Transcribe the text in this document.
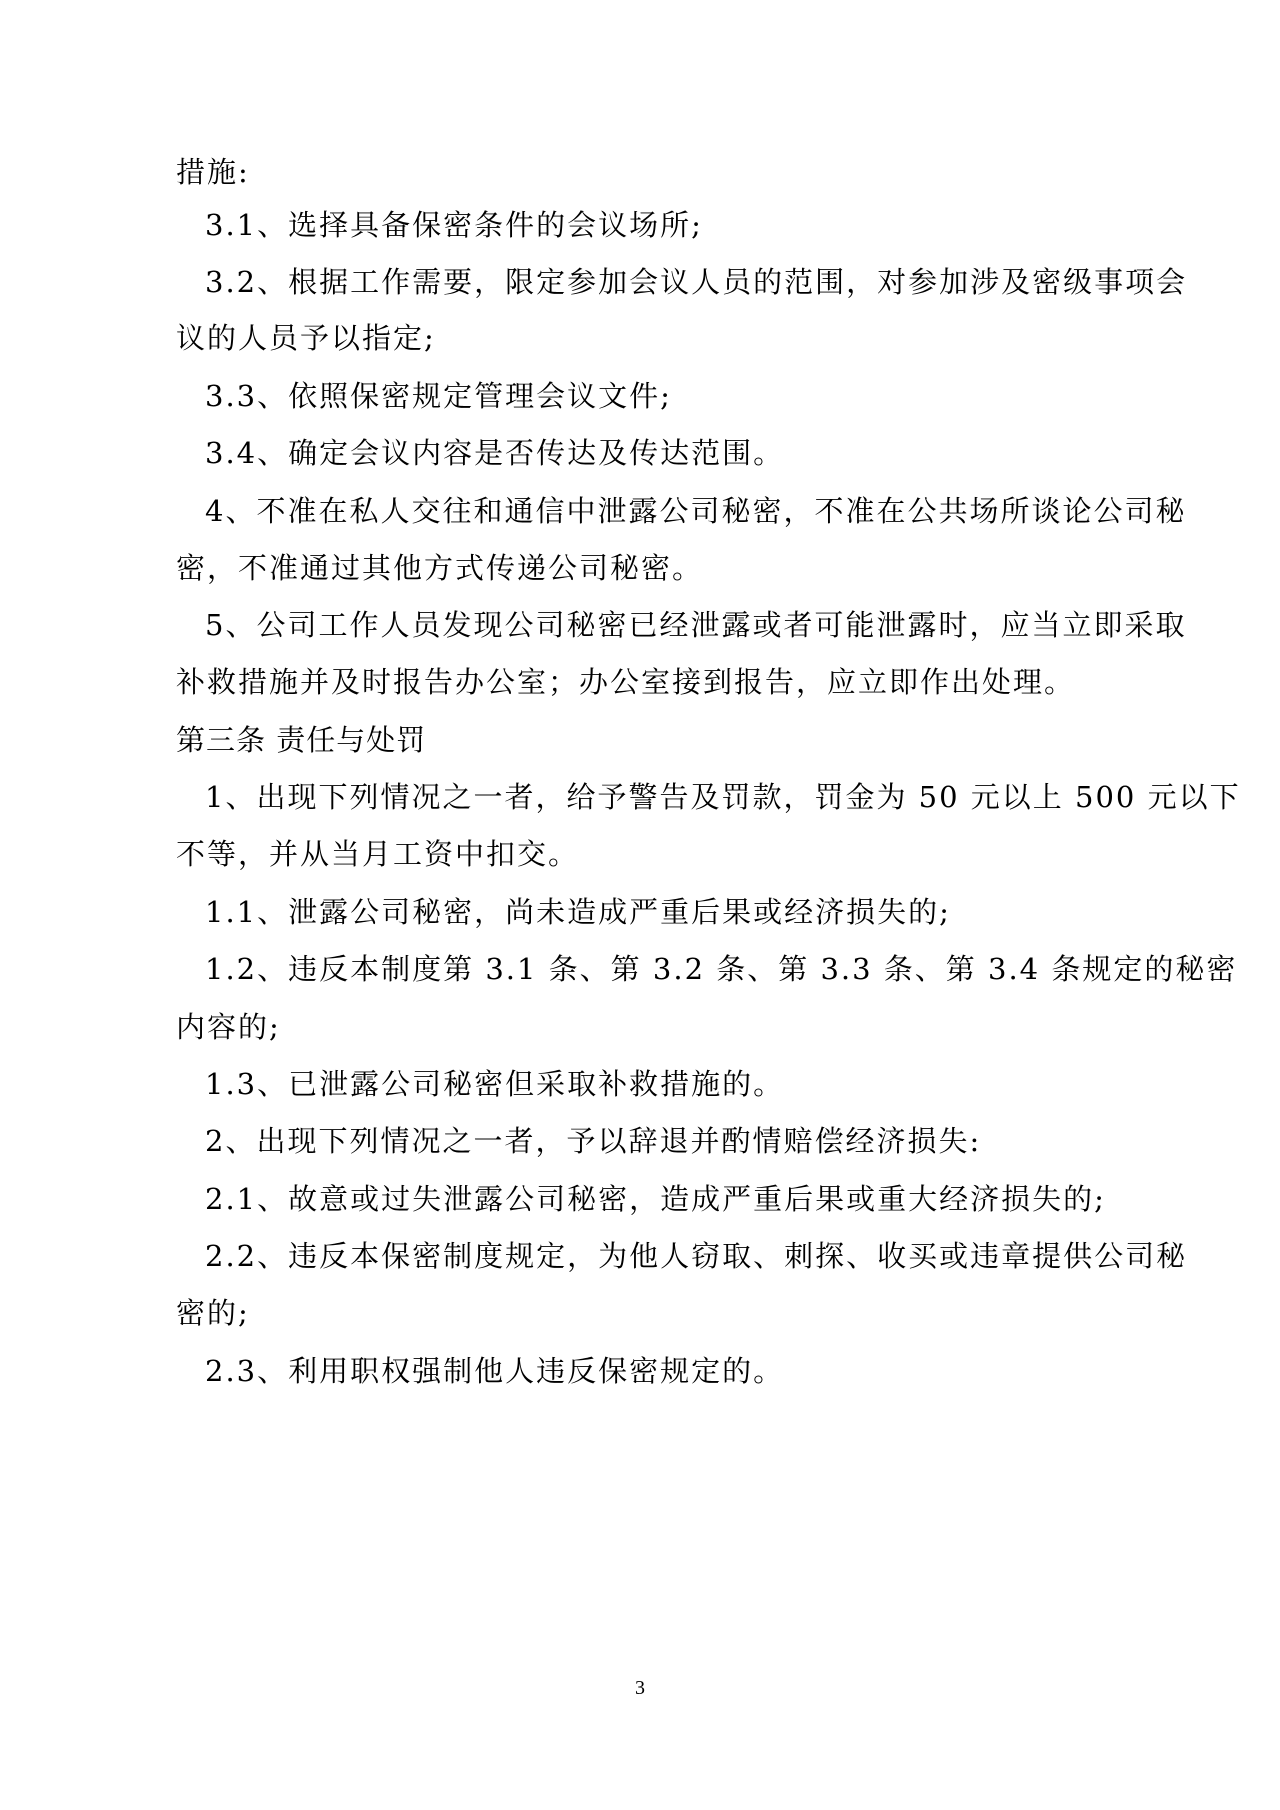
措施:
3.1、选择具备保密条件的会议场所;
3.2、根据工作需要，限定参加会议人员的范围，对参加涉及密级事项会
议的人员予以指定;
3.3、依照保密规定管理会议文件;
3.4、确定会议内容是否传达及传达范围。
4、不准在私人交往和通信中泄露公司秘密，不准在公共场所谈论公司秘
密，不准通过其他方式传递公司秘密。
5、公司工作人员发现公司秘密已经泄露或者可能泄露时，应当立即采取
补救措施并及时报告办公室；办公室接到报告，应立即作出处理。
第三条 责任与处罚
1、出现下列情况之一者，给予警告及罚款，罚金为 50 元以上 500 元以下
不等，并从当月工资中扣交。
1.1、泄露公司秘密，尚未造成严重后果或经济损失的;
1.2、违反本制度第 3.1 条、第 3.2 条、第 3.3 条、第 3.4 条规定的秘密
内容的;
1.3、已泄露公司秘密但采取补救措施的。
2、出现下列情况之一者，予以辞退并酌情赔偿经济损失:
2.1、故意或过失泄露公司秘密，造成严重后果或重大经济损失的;
2.2、违反本保密制度规定，为他人窃取、刺探、收买或违章提供公司秘
密的;
2.3、利用职权强制他人违反保密规定的。
3
